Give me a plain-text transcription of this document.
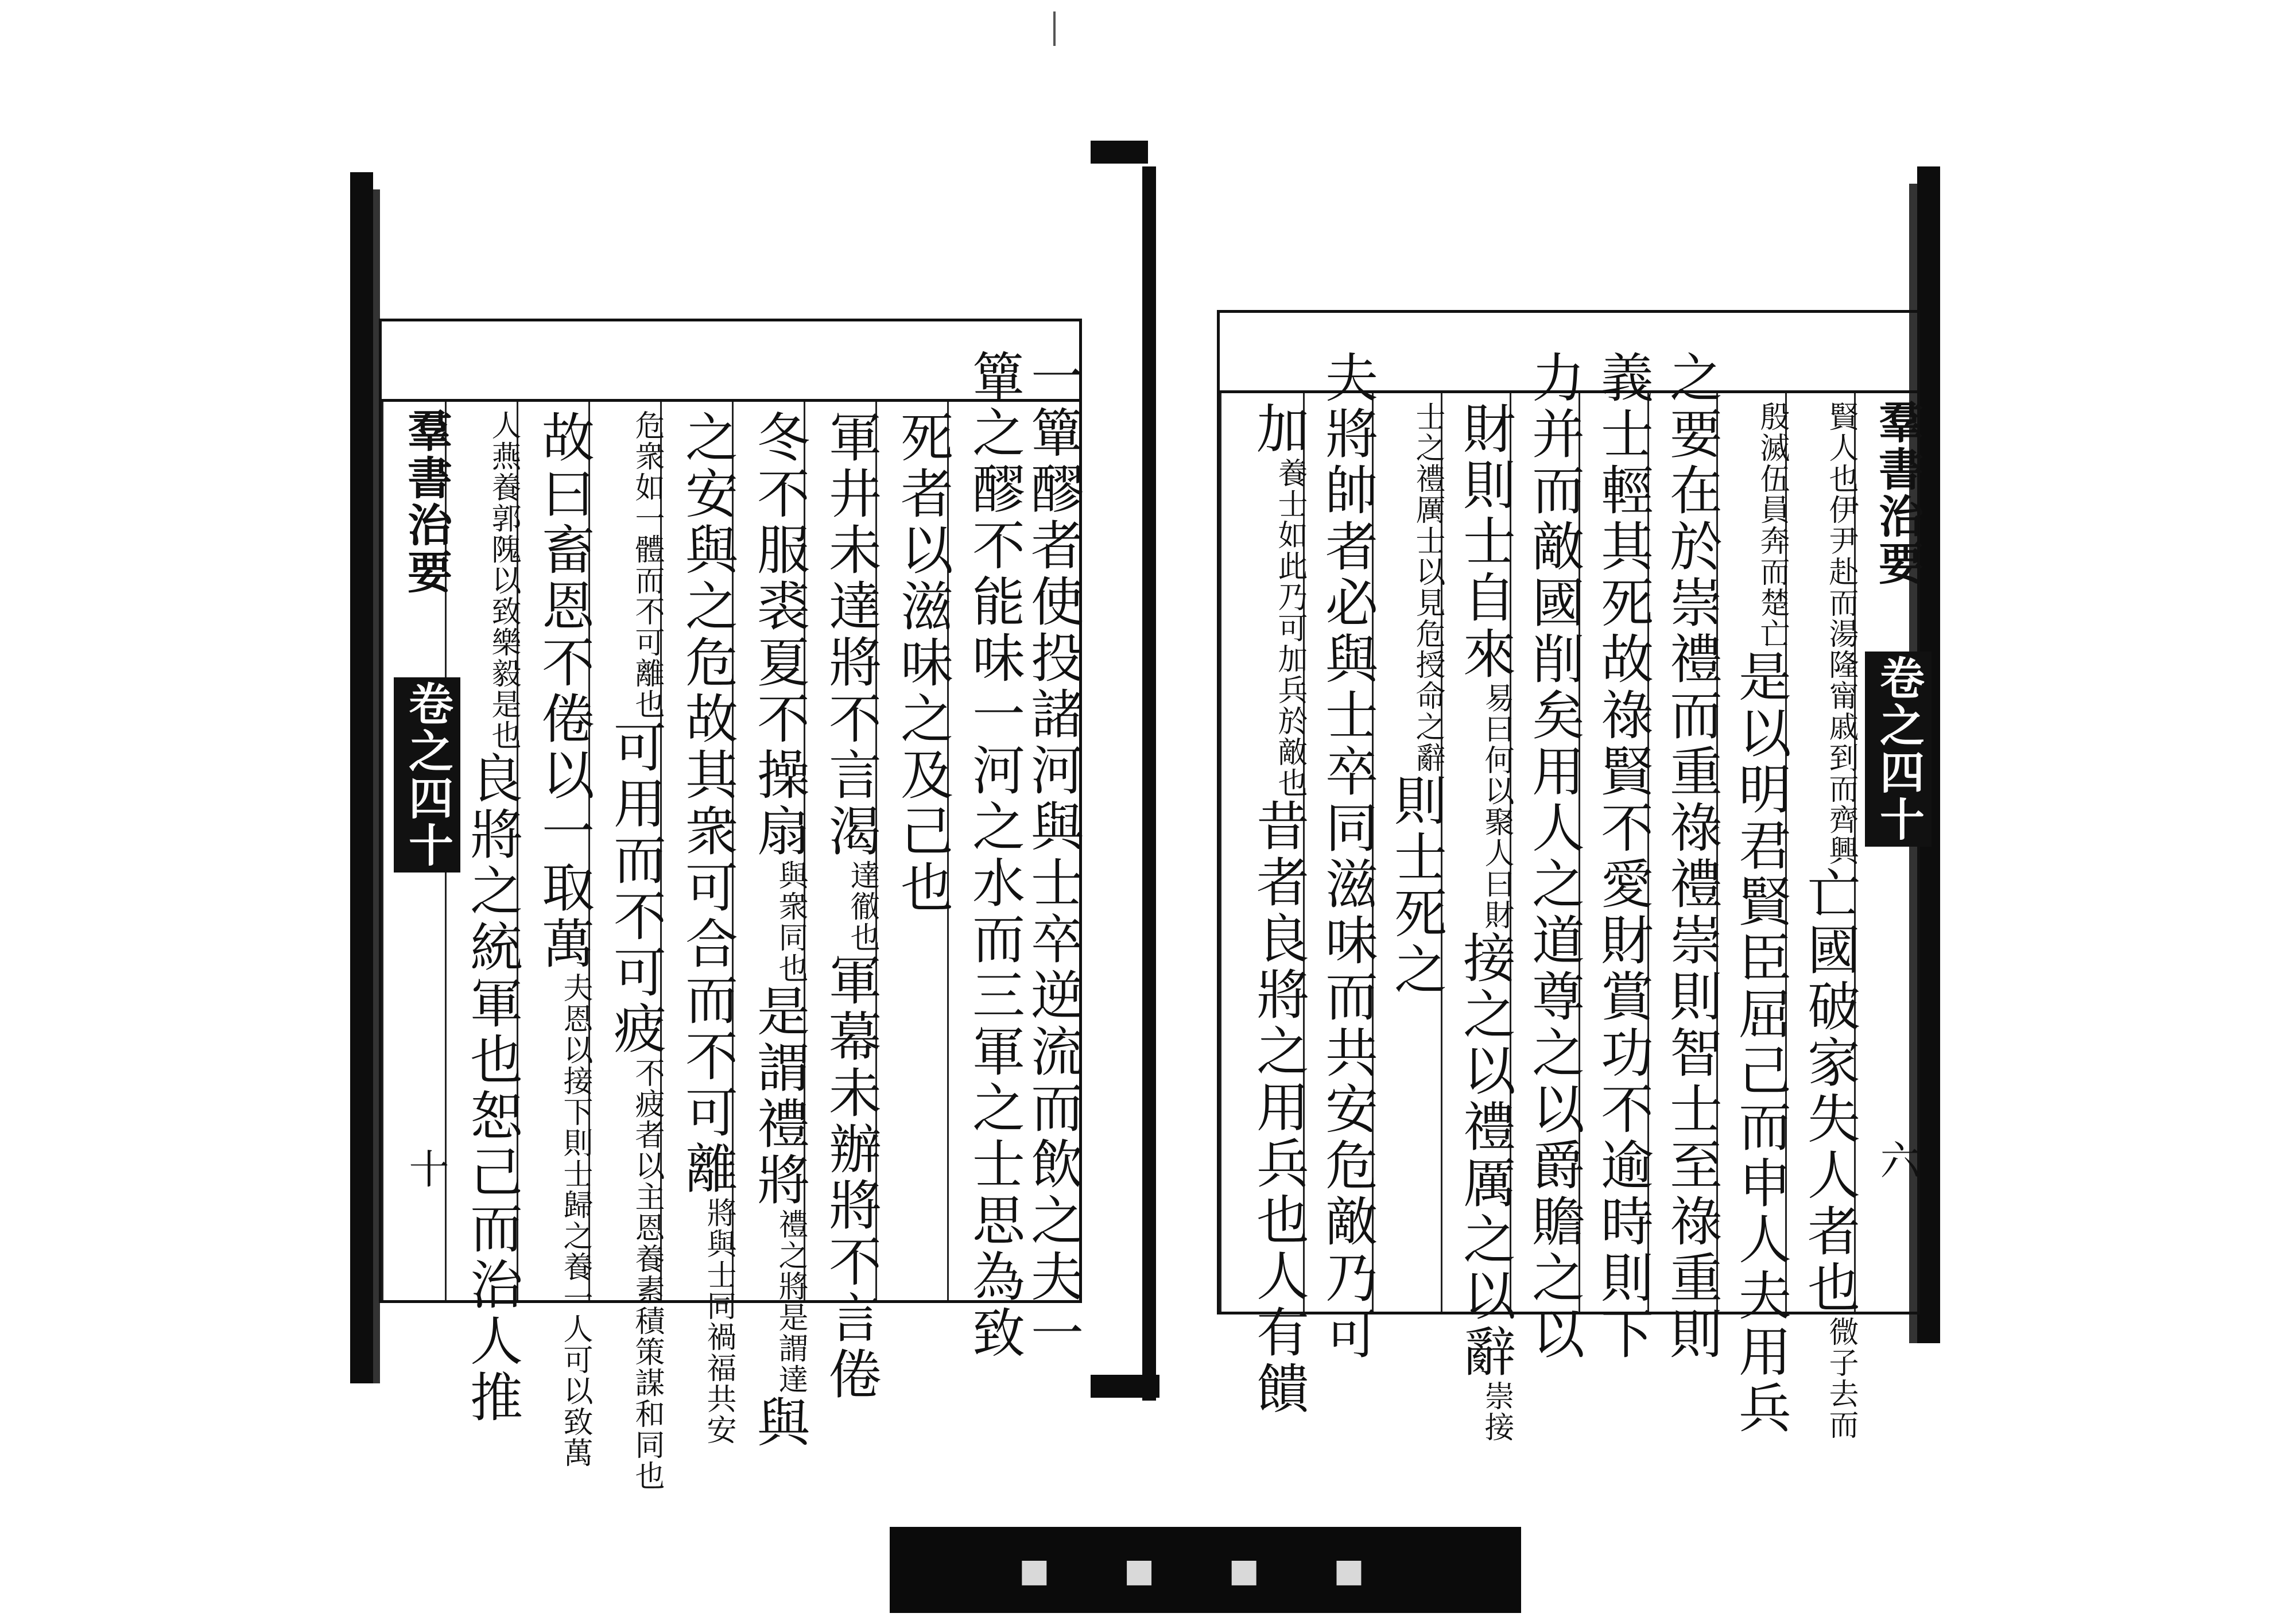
一簞醪者使投諸河與士卒逆流而飲之夫一
簞之醪不能味一河之水而三軍之士思為致
死者以滋味之及己也
軍井未達將不言渴
達徹也
軍幕未辦將不言倦
冬不服裘夏不操扇
與衆同也
是謂禮將
禮之將是謂達
與
之安與之危故其衆可合而不可離
將與士同禍福共安
危衆如一體而不可離也
可用而不可疲
不疲者以主恩養素積策謀和同也
故曰畜恩不倦以一取萬
夫恩以接下則士歸之養一人可以致萬
人燕養郭隗以致樂毅是也
良將之統軍也恕己而治人推
羣書治要
卷之四十
十
羣書治要
卷之四十
六
賢人也伊尹赴而湯隆甯戚到而齊興
亡國破家失人者也
微子去而
殷滅伍員奔而楚亡
是以明君賢臣屈己而申人夫用兵
之要在於崇禮而重祿禮崇則智士至祿重則
義士輕其死故祿賢不愛財賞功不逾時則下
力并而敵國削矣用人之道尊之以爵贍之以
財則士自來
易曰何以聚人曰財
接之以禮厲之以辭
崇接
士之禮厲士以見危授命之辭
則士死之
夫將帥者必與士卒同滋味而共安危敵乃可
加
養士如此乃可加兵於敵也
昔者良將之用兵也人有饋
■ ■ ■ ■
